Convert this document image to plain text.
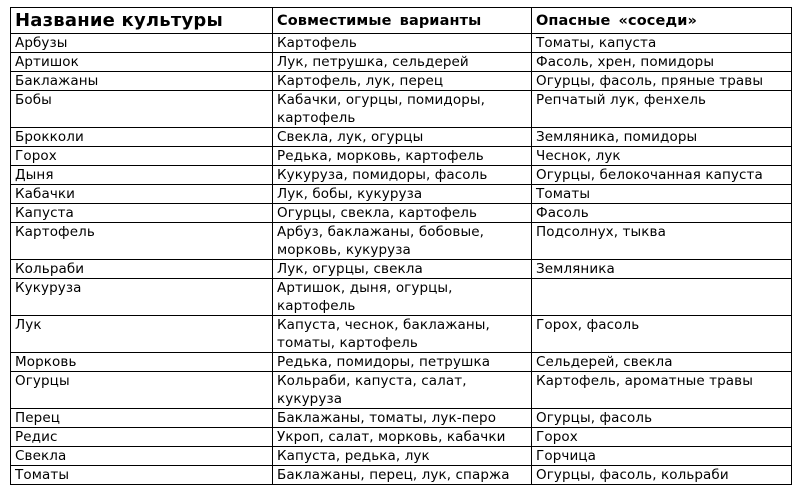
Название культуры	Совместимые варианты	Опасные «соседи»
Арбузы	Картофель	Томаты, капуста
Артишок	Лук, петрушка, сельдерей	Фасоль, хрен, помидоры
Баклажаны	Картофель, лук, перец	Огурцы, фасоль, пряные травы
Бобы	Кабачки, огурцы, помидоры, картофель	Репчатый лук, фенхель
Брокколи	Свекла, лук, огурцы	Земляника, помидоры
Горох	Редька, морковь, картофель	Чеснок, лук
Дыня	Кукуруза, помидоры, фасоль	Огурцы, белокочанная капуста
Кабачки	Лук, бобы, кукуруза	Томаты
Капуста	Огурцы, свекла, картофель	Фасоль
Картофель	Арбуз, баклажаны, бобовые, морковь, кукуруза	Подсолнух, тыква
Кольраби	Лук, огурцы, свекла	Земляника
Кукуруза	Артишок, дыня, огурцы, картофель	
Лук	Капуста, чеснок, баклажаны, томаты, картофель	Горох, фасоль
Морковь	Редька, помидоры, петрушка	Сельдерей, свекла
Огурцы	Кольраби, капуста, салат, кукуруза	Картофель, ароматные травы
Перец	Баклажаны, томаты, лук-перо	Огурцы, фасоль
Редис	Укроп, салат, морковь, кабачки	Горох
Свекла	Капуста, редька, лук	Горчица
Томаты	Баклажаны, перец, лук, спаржа	Огурцы, фасоль, кольраби
